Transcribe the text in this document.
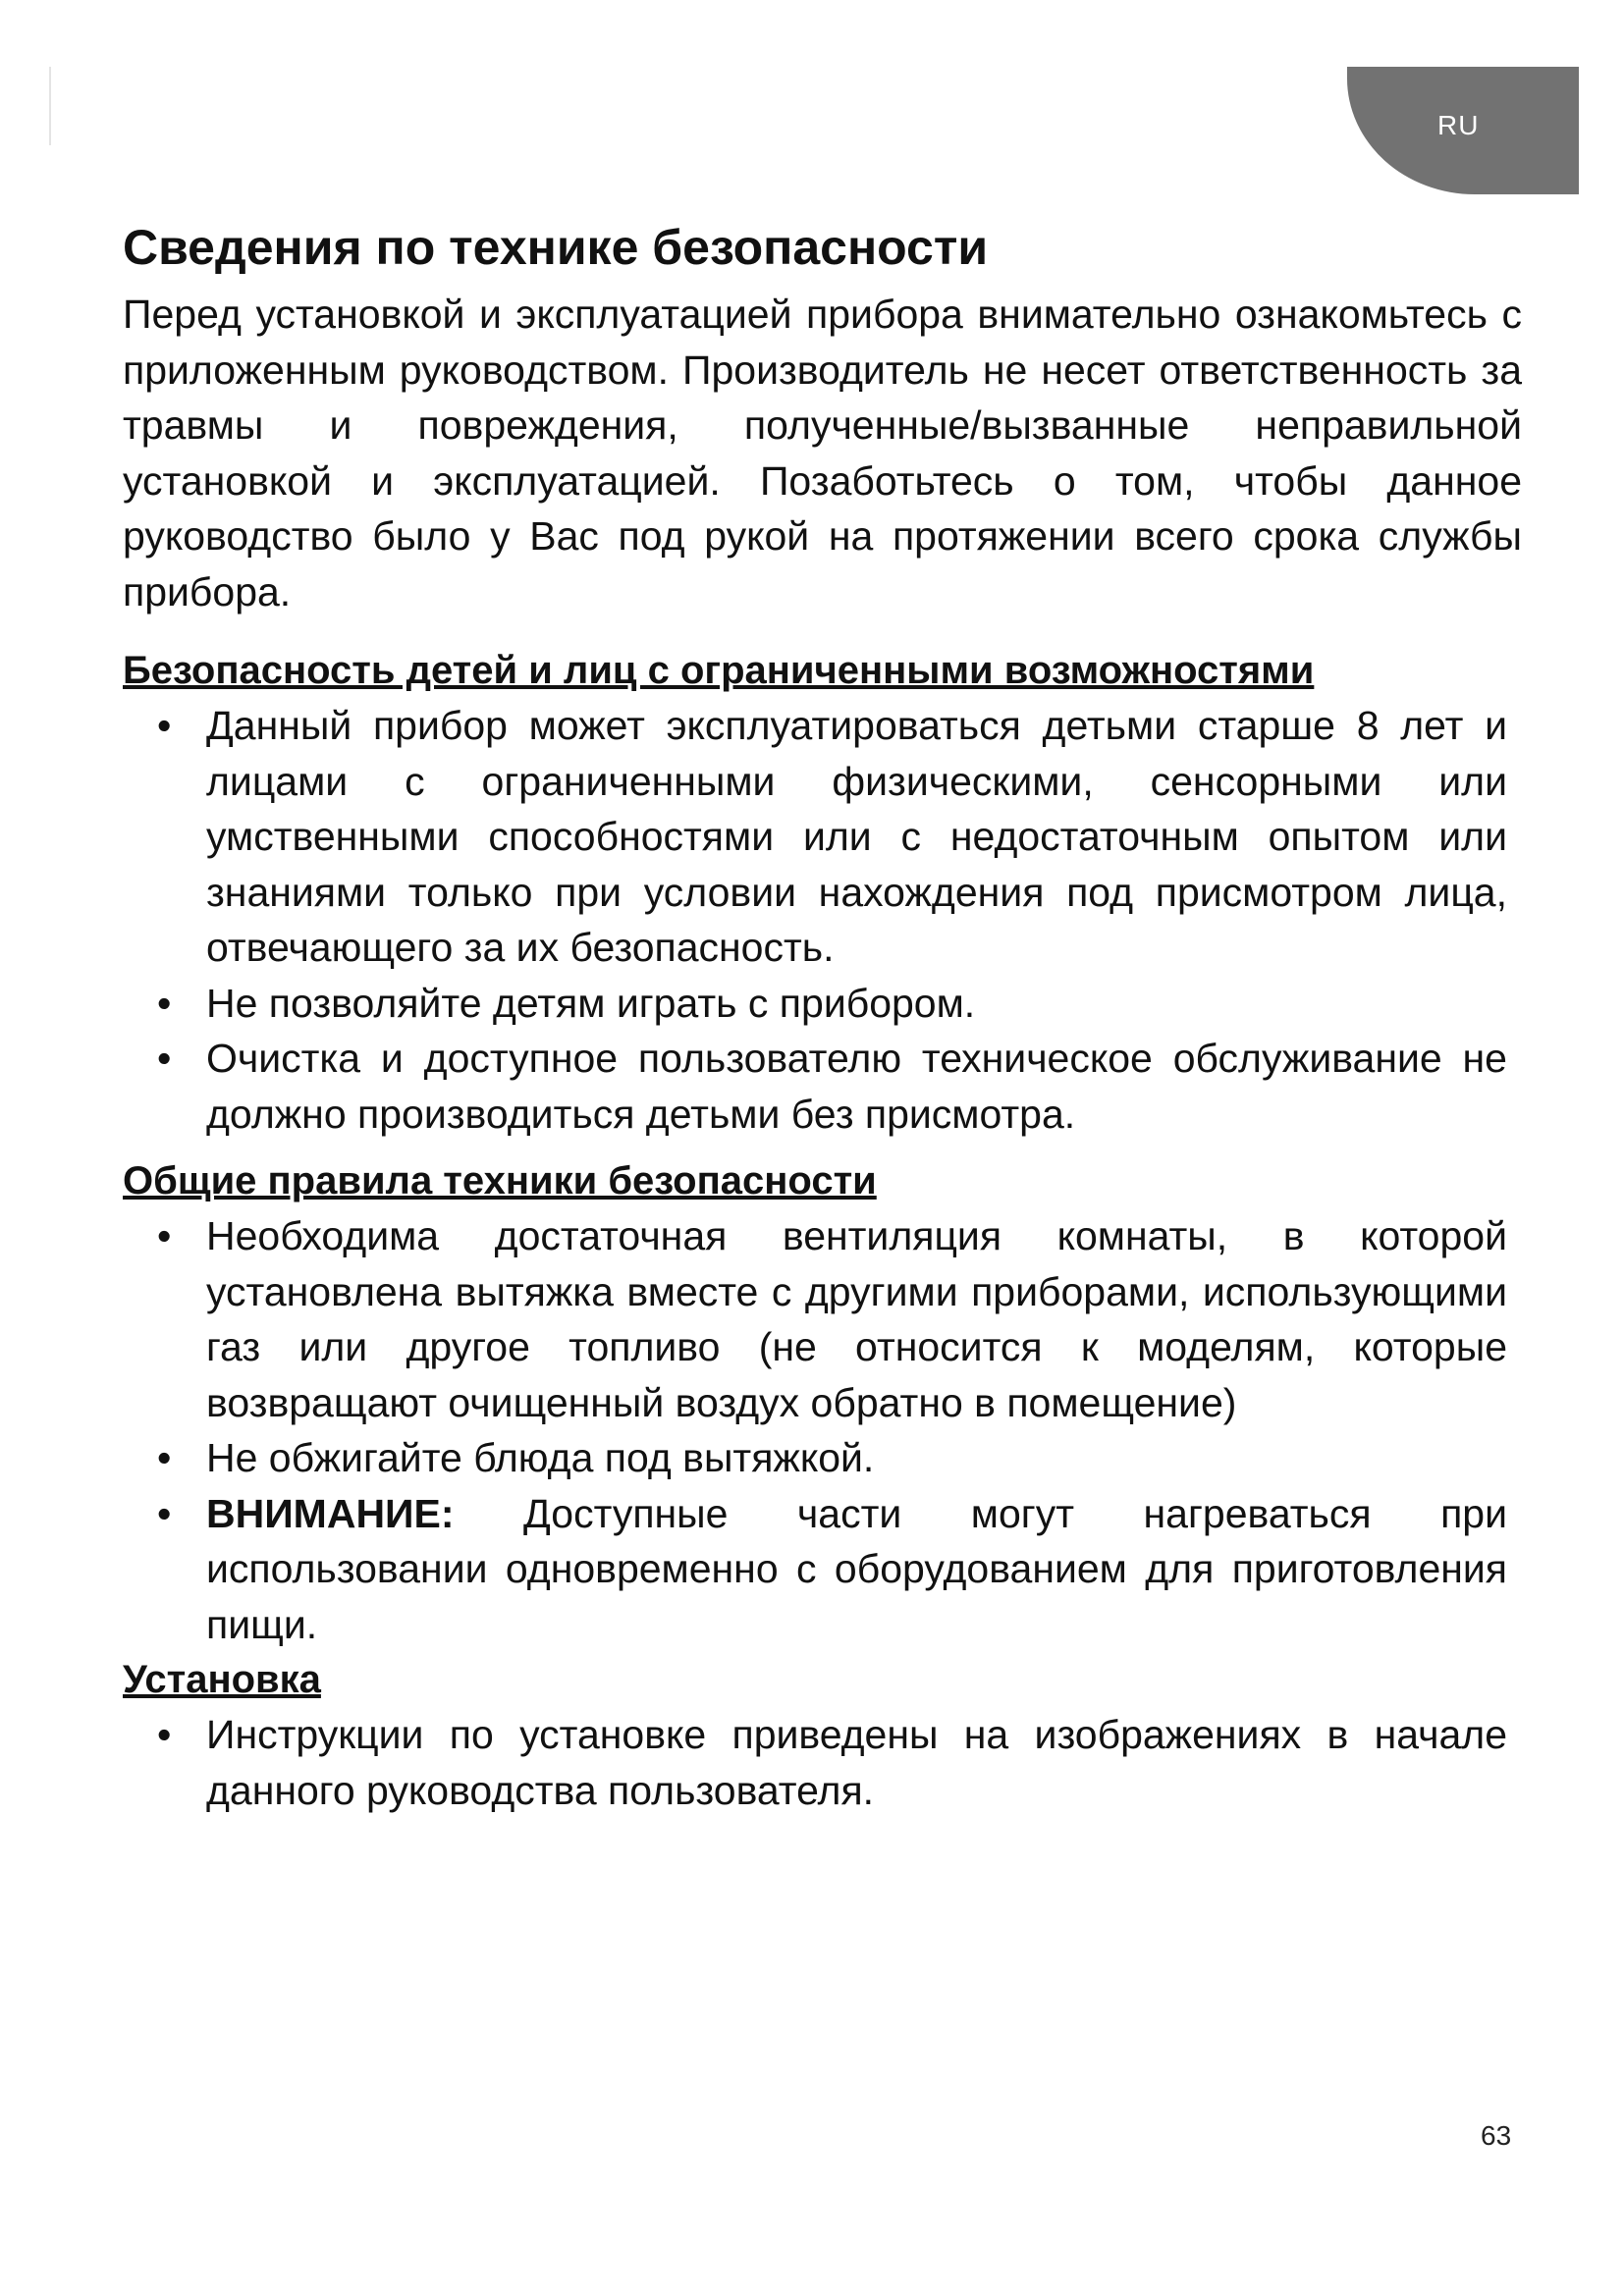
RU
Сведения по технике безопасности

Перед установкой и эксплуатацией прибора внимательно ознакомьтесь с приложенным руководством. Производитель не несет ответственность за травмы и повреждения, полученные/вызванные неправильной установкой и эксплуатацией. Позаботьтесь о том, чтобы данное руководство было у Вас под рукой на протяжении всего срока службы прибора.

Безопасность детей и лиц с ограниченными возможностями
• Данный прибор может эксплуатироваться детьми старше 8 лет и лицами с ограниченными физическими, сенсорными или умственными способностями или с недостаточным опытом или знаниями только при условии нахождения под присмотром лица, отвечающего за их безопасность.
• Не позволяйте детям играть с прибором.
• Очистка и доступное пользователю техническое обслуживание не должно производиться детьми без присмотра.
Общие правила техники безопасности
• Необходима достаточная вентиляция комнаты, в которой установлена вытяжка вместе с другими приборами, использующими газ или другое топливо (не относится к моделям, которые возвращают очищенный воздух обратно в помещение)
• Не обжигайте блюда под вытяжкой.
• ВНИМАНИЕ: Доступные части могут нагреваться при использовании одновременно с оборудованием для приготовления пищи.
Установка
• Инструкции по установке приведены на изображениях в начале данного руководства пользователя.
63
